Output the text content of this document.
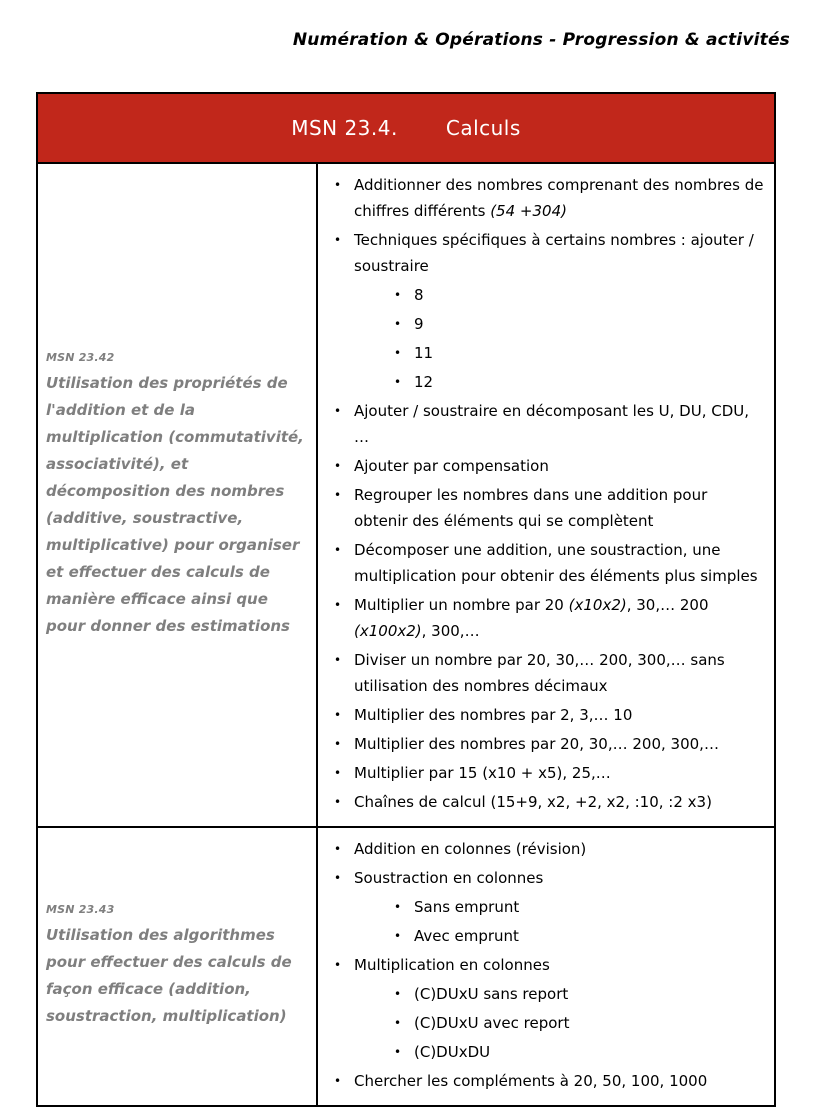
Numération & Opérations - Progression & activités
MSN 23.4. Calculs
MSN 23.42
Utilisation des propriétés de l'addition et de la multiplication (commutativité, associativité), et décomposition des nombres (additive, soustractive, multiplicative) pour organiser et effectuer des calculs de manière efficace ainsi que pour donner des estimations
• Additionner des nombres comprenant des nombres de chiffres différents (54 +304)
• Techniques spécifiques à certains nombres : ajouter / soustraire
• 8
• 9
• 11
• 12
• Ajouter / soustraire en décomposant les U, DU, CDU, …
• Ajouter par compensation
• Regrouper les nombres dans une addition pour obtenir des éléments qui se complètent
• Décomposer une addition, une soustraction, une multiplication pour obtenir des éléments plus simples
• Multiplier un nombre par 20 (x10x2), 30,… 200 (x100x2), 300,…
• Diviser un nombre par 20, 30,… 200, 300,… sans utilisation des nombres décimaux
• Multiplier des nombres par 2, 3,… 10
• Multiplier des nombres par 20, 30,… 200, 300,…
• Multiplier par 15 (x10 + x5), 25,…
• Chaînes de calcul (15+9, x2, +2, x2, :10, :2 x3)
MSN 23.43
Utilisation des algorithmes pour effectuer des calculs de façon efficace (addition, soustraction, multiplication)
• Addition en colonnes (révision)
• Soustraction en colonnes
• Sans emprunt
• Avec emprunt
• Multiplication en colonnes
• (C)DUxU sans report
• (C)DUxU avec report
• (C)DUxDU
• Chercher les compléments à 20, 50, 100, 1000
